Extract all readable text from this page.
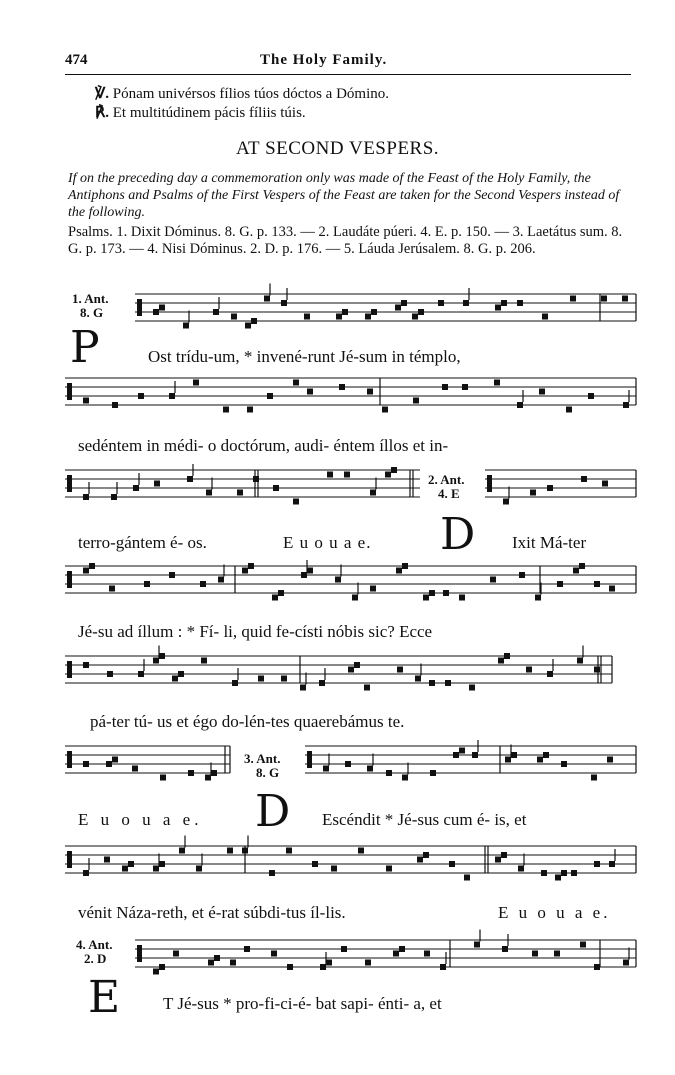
474	The Holy Family.
℣. Pónam univérsos fílios túos dóctos a Dómino.
℟. Et multitúdinem pácis fíliis túis.
AT SECOND VESPERS.
If on the preceding day a commemoration only was made of the Feast of the Holy Family, the Antiphons and Psalms of the First Vespers of the Feast are taken for the Second Vespers instead of the following.
Psalms. 1. Dixit Dóminus. 8. G. p. 133. — 2. Laudáte púeri. 4. E. p. 150. — 3. Laetátus sum. 8. G. p. 173. — 4. Nisi Dóminus. 2. D. p. 176. — 5. Láuda Jerúsalem. 8. G. p. 206.
1. Ant.
8. G
P	Ost trídu-um, * invené-runt Jé-sum in témplo,
sedéntem in médi- o doctórum, audi- éntem íllos et in-
terro-gántem é- os.	E u o u a e.
2. Ant.
4. E
D Ixit Má-ter
Jé-su ad íllum : * Fí- li, quid fe-císti nóbis sic? Ecce
pá-ter tú- us et égo do-lén-tes quaerebámus te.
E u o u a e.
3. Ant.
8. G
D Escéndit * Jé-sus cum é- is, et
vénit Náza-reth, et é-rat súbdi-tus íl-lis.	E u o u a e.
4. Ant.
2. D
E	T Jé-sus * pro-fi-ci-é- bat sapi- énti- a, et
